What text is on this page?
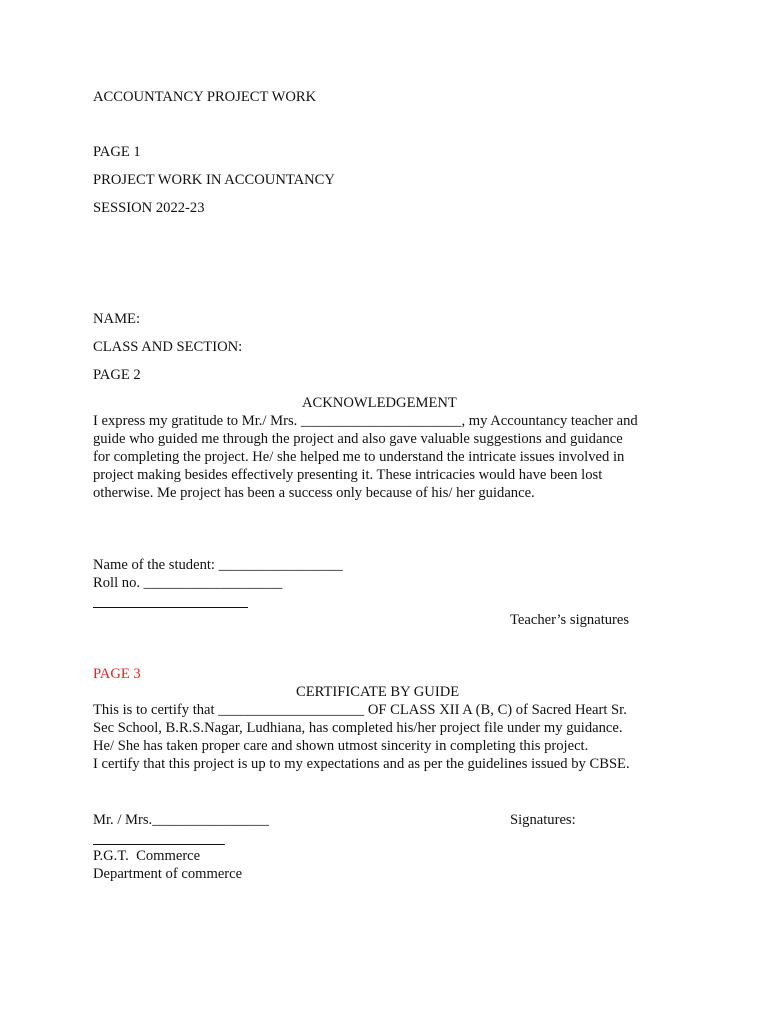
ACCOUNTANCY PROJECT WORK
PAGE 1
PROJECT WORK IN ACCOUNTANCY
SESSION 2022-23
NAME:
CLASS AND SECTION:
PAGE 2
ACKNOWLEDGEMENT
I express my gratitude to Mr./ Mrs. ______________________, my Accountancy teacher and
guide who guided me through the project and also gave valuable suggestions and guidance
for completing the project. He/ she helped me to understand the intricate issues involved in
project making besides effectively presenting it. These intricacies would have been lost
otherwise. Me project has been a success only because of his/ her guidance.
Name of the student: _________________
Roll no. ___________________
Teacher’s signatures
PAGE 3
CERTIFICATE BY GUIDE
This is to certify that ____________________ OF CLASS XII A (B, C) of Sacred Heart Sr.
Sec School, B.R.S.Nagar, Ludhiana, has completed his/her project file under my guidance.
He/ She has taken proper care and shown utmost sincerity in completing this project.
I certify that this project is up to my expectations and as per the guidelines issued by CBSE.
Mr. / Mrs.________________	Signatures:
P.G.T.  Commerce
Department of commerce
